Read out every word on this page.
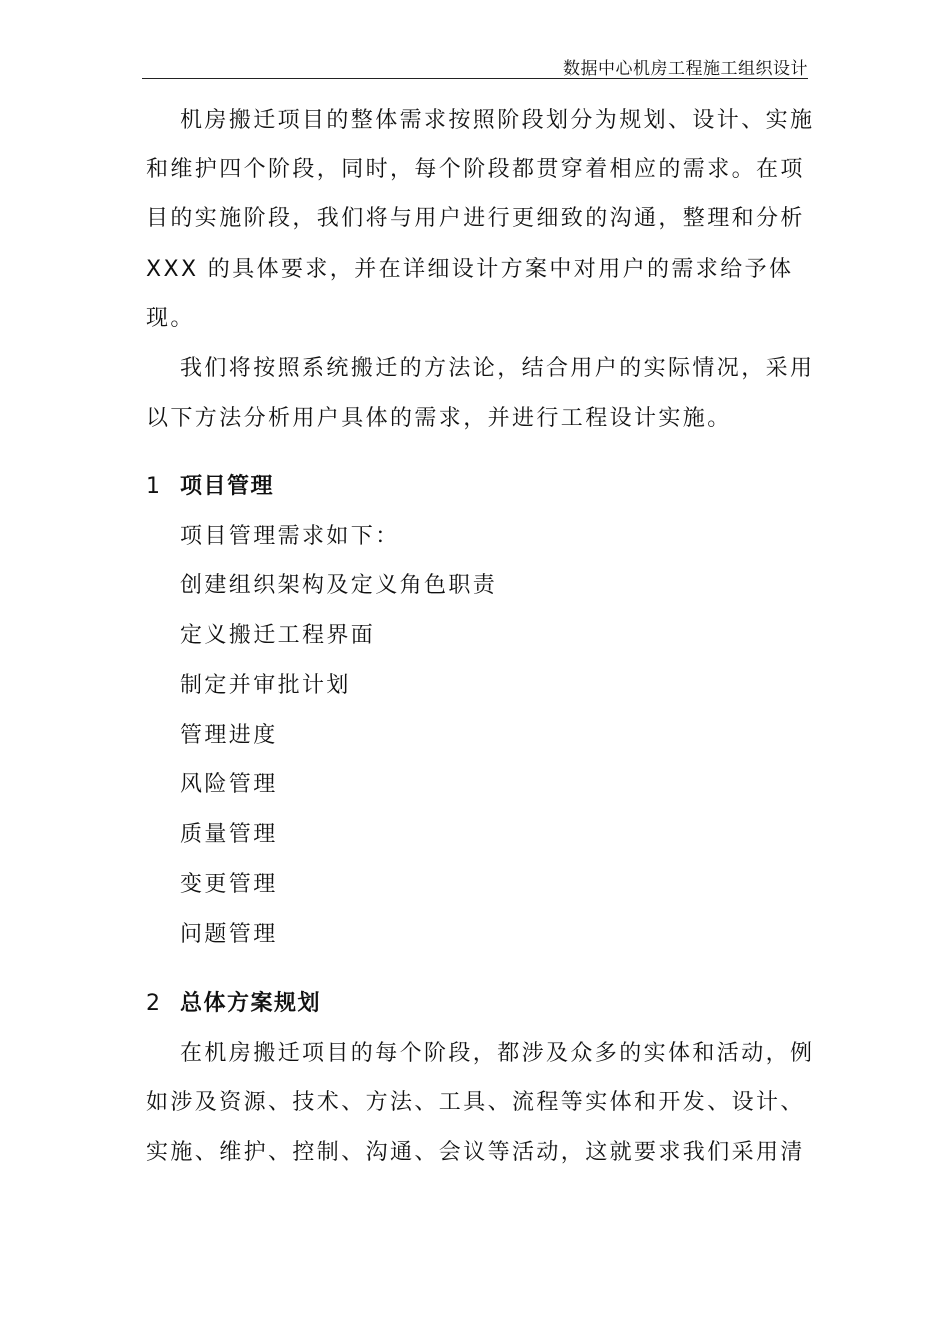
数据中心机房工程施工组织设计
机房搬迁项目的整体需求按照阶段划分为规划、设计、实施
和维护四个阶段，同时，每个阶段都贯穿着相应的需求。在项
目的实施阶段，我们将与用户进行更细致的沟通，整理和分析
XXX 的具体要求，并在详细设计方案中对用户的需求给予体
现。
我们将按照系统搬迁的方法论，结合用户的实际情况，采用
以下方法分析用户具体的需求，并进行工程设计实施。
1 项目管理
项目管理需求如下：
创建组织架构及定义角色职责
定义搬迁工程界面
制定并审批计划
管理进度
风险管理
质量管理
变更管理
问题管理
2 总体方案规划
在机房搬迁项目的每个阶段，都涉及众多的实体和活动，例
如涉及资源、技术、方法、工具、流程等实体和开发、设计、
实施、维护、控制、沟通、会议等活动，这就要求我们采用清
